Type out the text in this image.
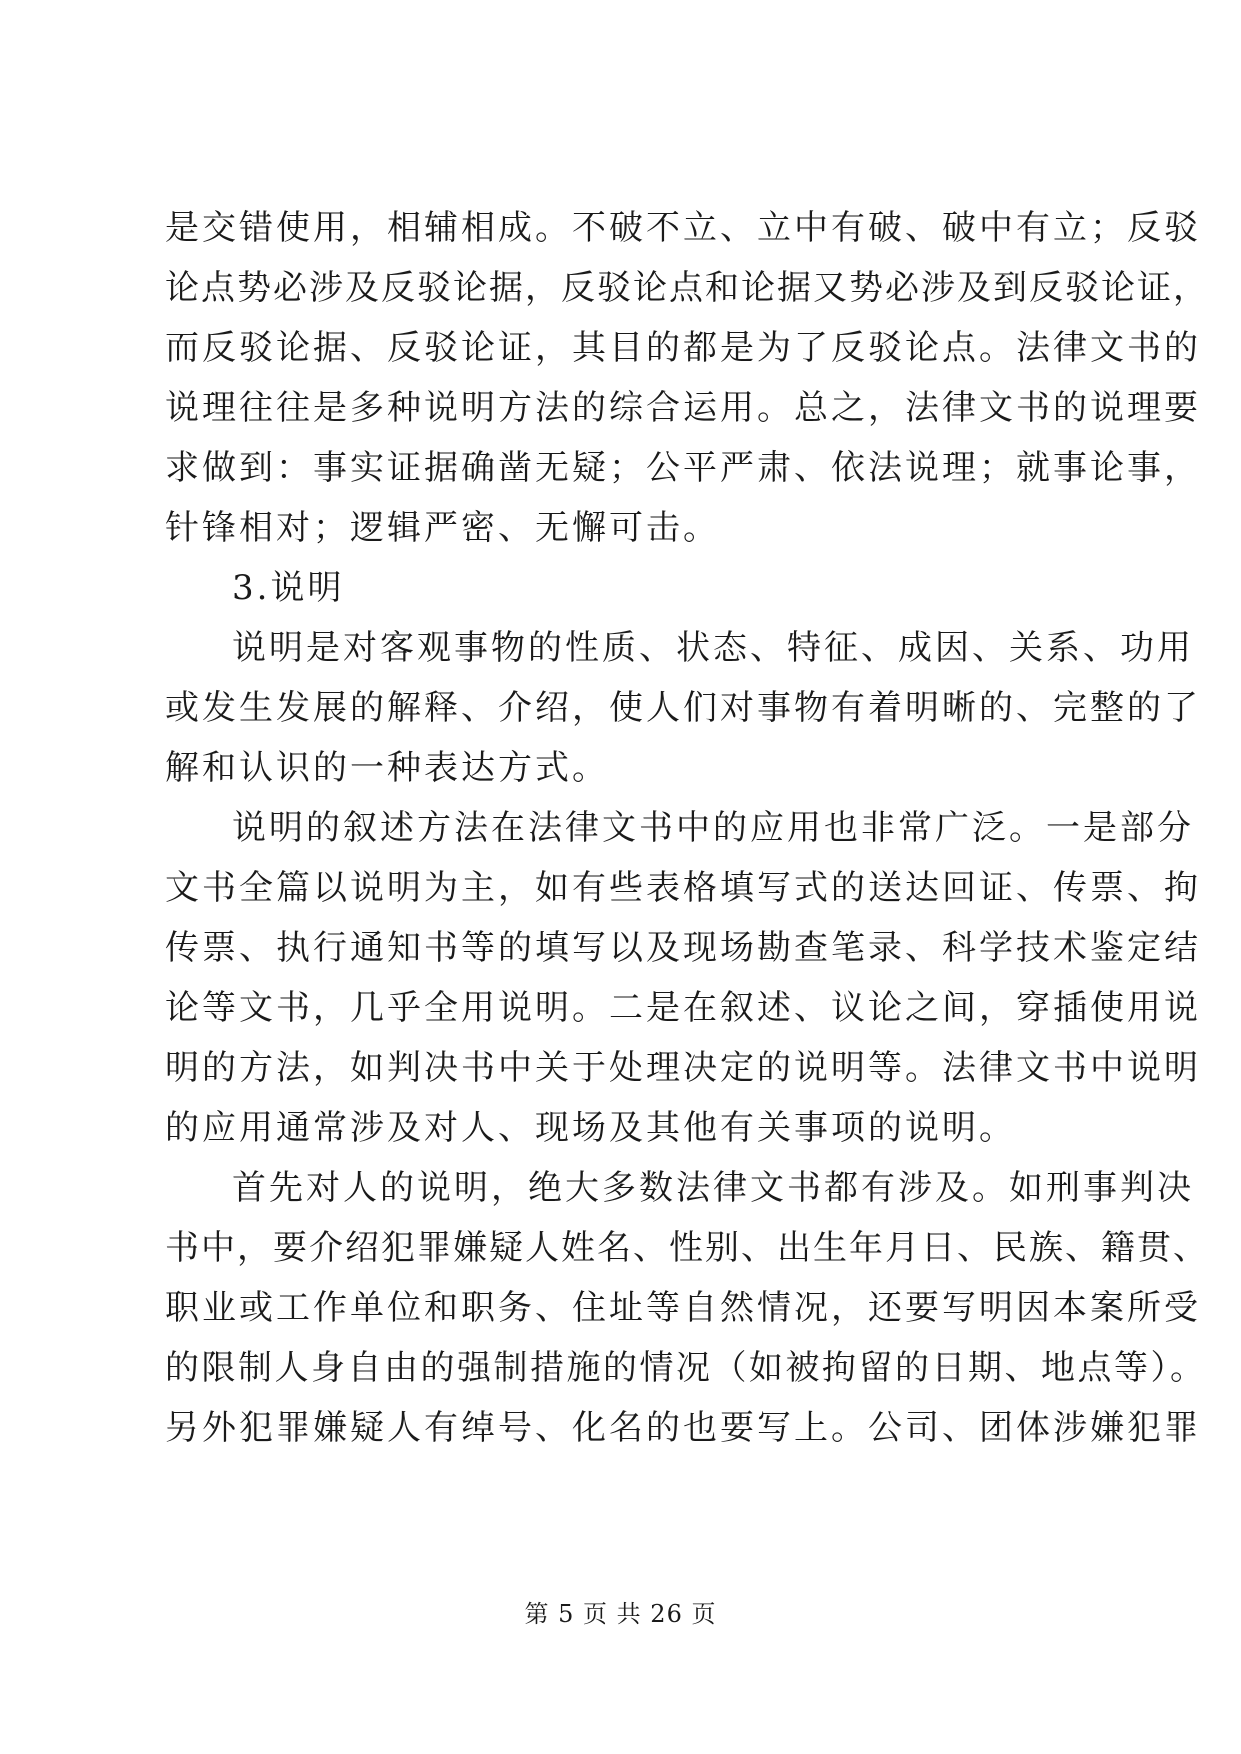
是交错使用，相辅相成。不破不立、立中有破、破中有立；反驳
论点势必涉及反驳论据，反驳论点和论据又势必涉及到反驳论证，
而反驳论据、反驳论证，其目的都是为了反驳论点。法律文书的
说理往往是多种说明方法的综合运用。总之，法律文书的说理要
求做到：事实证据确凿无疑；公平严肃、依法说理；就事论事，
针锋相对；逻辑严密、无懈可击。
3.说明
说明是对客观事物的性质、状态、特征、成因、关系、功用
或发生发展的解释、介绍，使人们对事物有着明晰的、完整的了
解和认识的一种表达方式。
说明的叙述方法在法律文书中的应用也非常广泛。一是部分
文书全篇以说明为主，如有些表格填写式的送达回证、传票、拘
传票、执行通知书等的填写以及现场勘查笔录、科学技术鉴定结
论等文书，几乎全用说明。二是在叙述、议论之间，穿插使用说
明的方法，如判决书中关于处理决定的说明等。法律文书中说明
的应用通常涉及对人、现场及其他有关事项的说明。
首先对人的说明，绝大多数法律文书都有涉及。如刑事判决
书中，要介绍犯罪嫌疑人姓名、性别、出生年月日、民族、籍贯、
职业或工作单位和职务、住址等自然情况，还要写明因本案所受
的限制人身自由的强制措施的情况（如被拘留的日期、地点等）。
另外犯罪嫌疑人有绰号、化名的也要写上。公司、团体涉嫌犯罪
第 5 页 共 26 页
